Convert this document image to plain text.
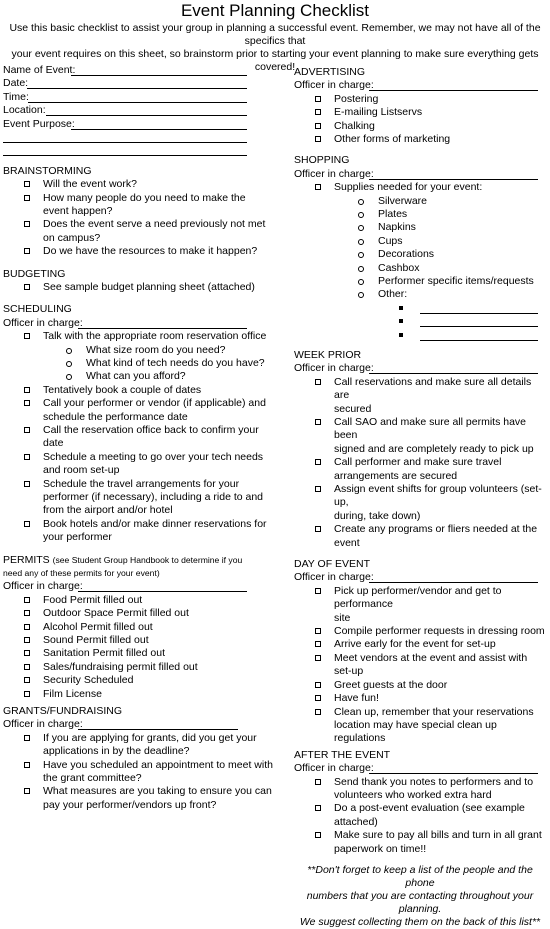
Event Planning Checklist
Use this basic checklist to assist your group in planning a successful event. Remember, we may not have all of the specifics that
your event requires on this sheet, so brainstorm prior to starting your event planning to make sure everything gets covered!
Name of Event:
Date:
Time:
Location:
Event Purpose:
BRAINSTORMING
Will the event work?
How many people do you need to make the
event happen?
Does the event serve a need previously not met
on campus?
Do we have the resources to make it happen?
BUDGETING
See sample budget planning sheet (attached)
SCHEDULING
Officer in charge:
Talk with the appropriate room reservation office
What size room do you need?
What kind of tech needs do you have?
What can you afford?
Tentatively book a couple of dates
Call your performer or vendor (if applicable) and
schedule the performance date
Call the reservation office back to confirm your
date
Schedule a meeting to go over your tech needs
and room set-up
Schedule the travel arrangements for your
performer (if necessary), including a ride to and
from the airport and/or hotel
Book hotels and/or make dinner reservations for
your performer
PERMITS (see Student Group Handbook to determine if you
need any of these permits for your event)
Officer in charge:
Food Permit filled out
Outdoor Space Permit filled out
Alcohol Permit filled out
Sound Permit filled out
Sanitation Permit filled out
Sales/fundraising permit filled out
Security Scheduled
Film License
GRANTS/FUNDRAISING
Officer in charge:
If you are applying for grants, did you get your
applications in by the deadline?
Have you scheduled an appointment to meet with
the grant committee?
What measures are you taking to ensure you can
pay your performer/vendors up front?
ADVERTISING
Officer in charge:
Postering
E-mailing Listservs
Chalking
Other forms of marketing
SHOPPING
Officer in charge:
Supplies needed for your event:
Silverware
Plates
Napkins
Cups
Decorations
Cashbox
Performer specific items/requests
Other:
WEEK PRIOR
Officer in charge:
Call reservations and make sure all details are
secured
Call SAO and make sure all permits have been
signed and are completely ready to pick up
Call performer and make sure travel
arrangements are secured
Assign event shifts for group volunteers (set-up,
during, take down)
Create any programs or fliers needed at the
event
DAY OF EVENT
Officer in charge:
Pick up performer/vendor and get to performance
site
Compile performer requests in dressing room
Arrive early for the event for set-up
Meet vendors at the event and assist with set-up
Greet guests at the door
Have fun!
Clean up, remember that your reservations
location may have special clean up regulations
AFTER THE EVENT
Officer in charge:
Send thank you notes to performers and to
volunteers who worked extra hard
Do a post-event evaluation (see example
attached)
Make sure to pay all bills and turn in all grant
paperwork on time!!
**Don't forget to keep a list of the people and the phone
numbers that you are contacting throughout your planning.
We suggest collecting them on the back of this list**
